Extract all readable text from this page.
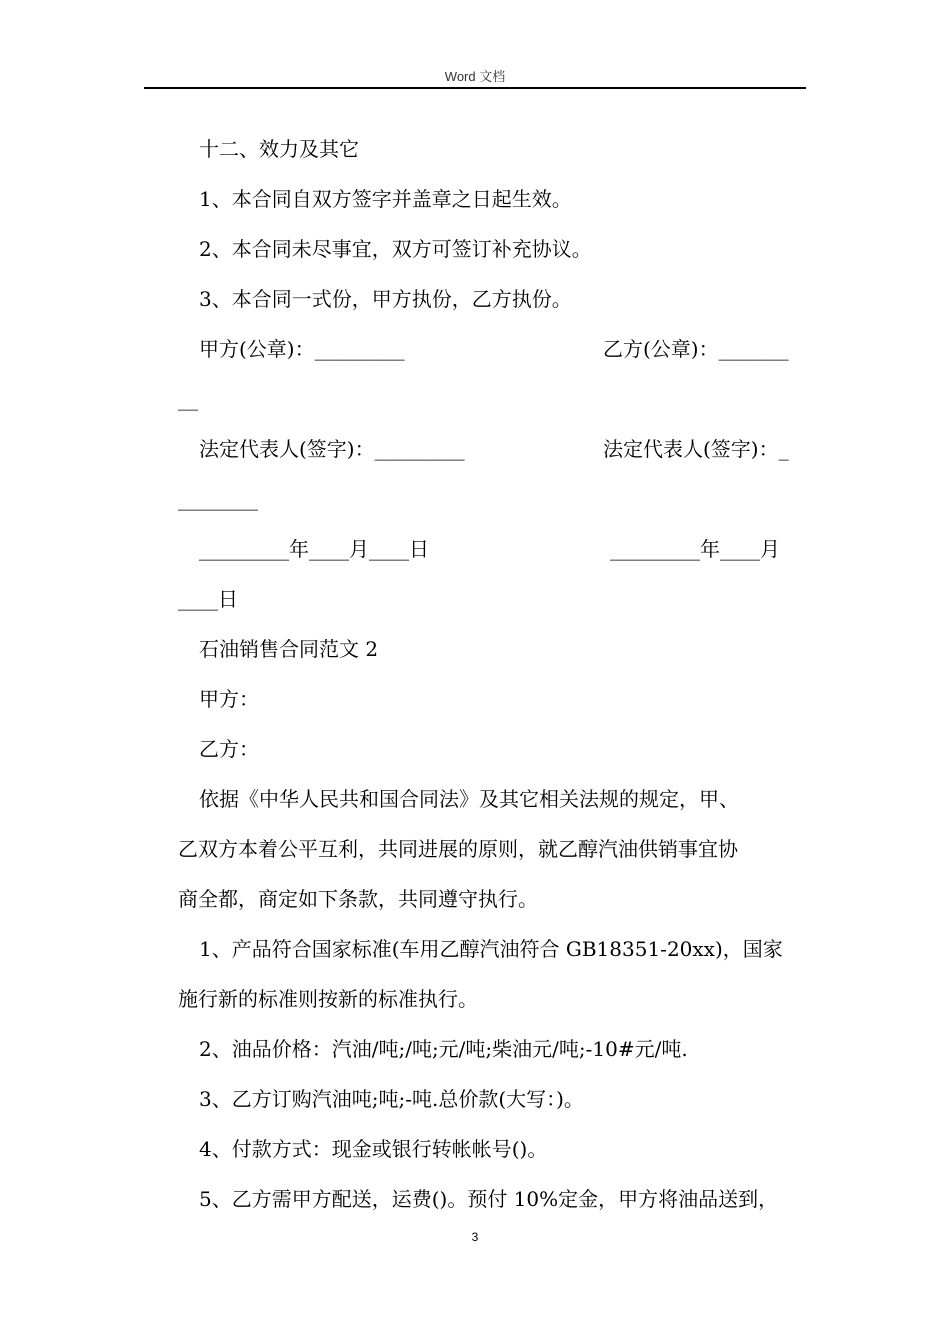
Word 文档
十二、效力及其它
1、本合同自双方签字并盖章之日起生效。
2、本合同未尽事宜，双方可签订补充协议。
3、本合同一式份，甲方执份，乙方执份。
甲方(公章)：_________	乙方(公章)：_______
__
法定代表人(签字)：_________	法定代表人(签字)：_
________
_________年____月____日	_________年____月
____日
石油销售合同范文 2
甲方：
乙方：
依据《中华人民共和国合同法》及其它相关法规的规定，甲、
乙双方本着公平互利，共同进展的原则，就乙醇汽油供销事宜协
商全都，商定如下条款，共同遵守执行。
1、产品符合国家标准(车用乙醇汽油符合 GB18351-20xx)，国家
施行新的标准则按新的标准执行。
2、油品价格：汽油/吨;/吨;元/吨;柴油元/吨;-10#元/吨.
3、乙方订购汽油吨;吨;-吨.总价款(大写：)。
4、付款方式：现金或银行转帐帐号()。
5、乙方需甲方配送，运费()。预付 10%定金，甲方将油品送到，
3
